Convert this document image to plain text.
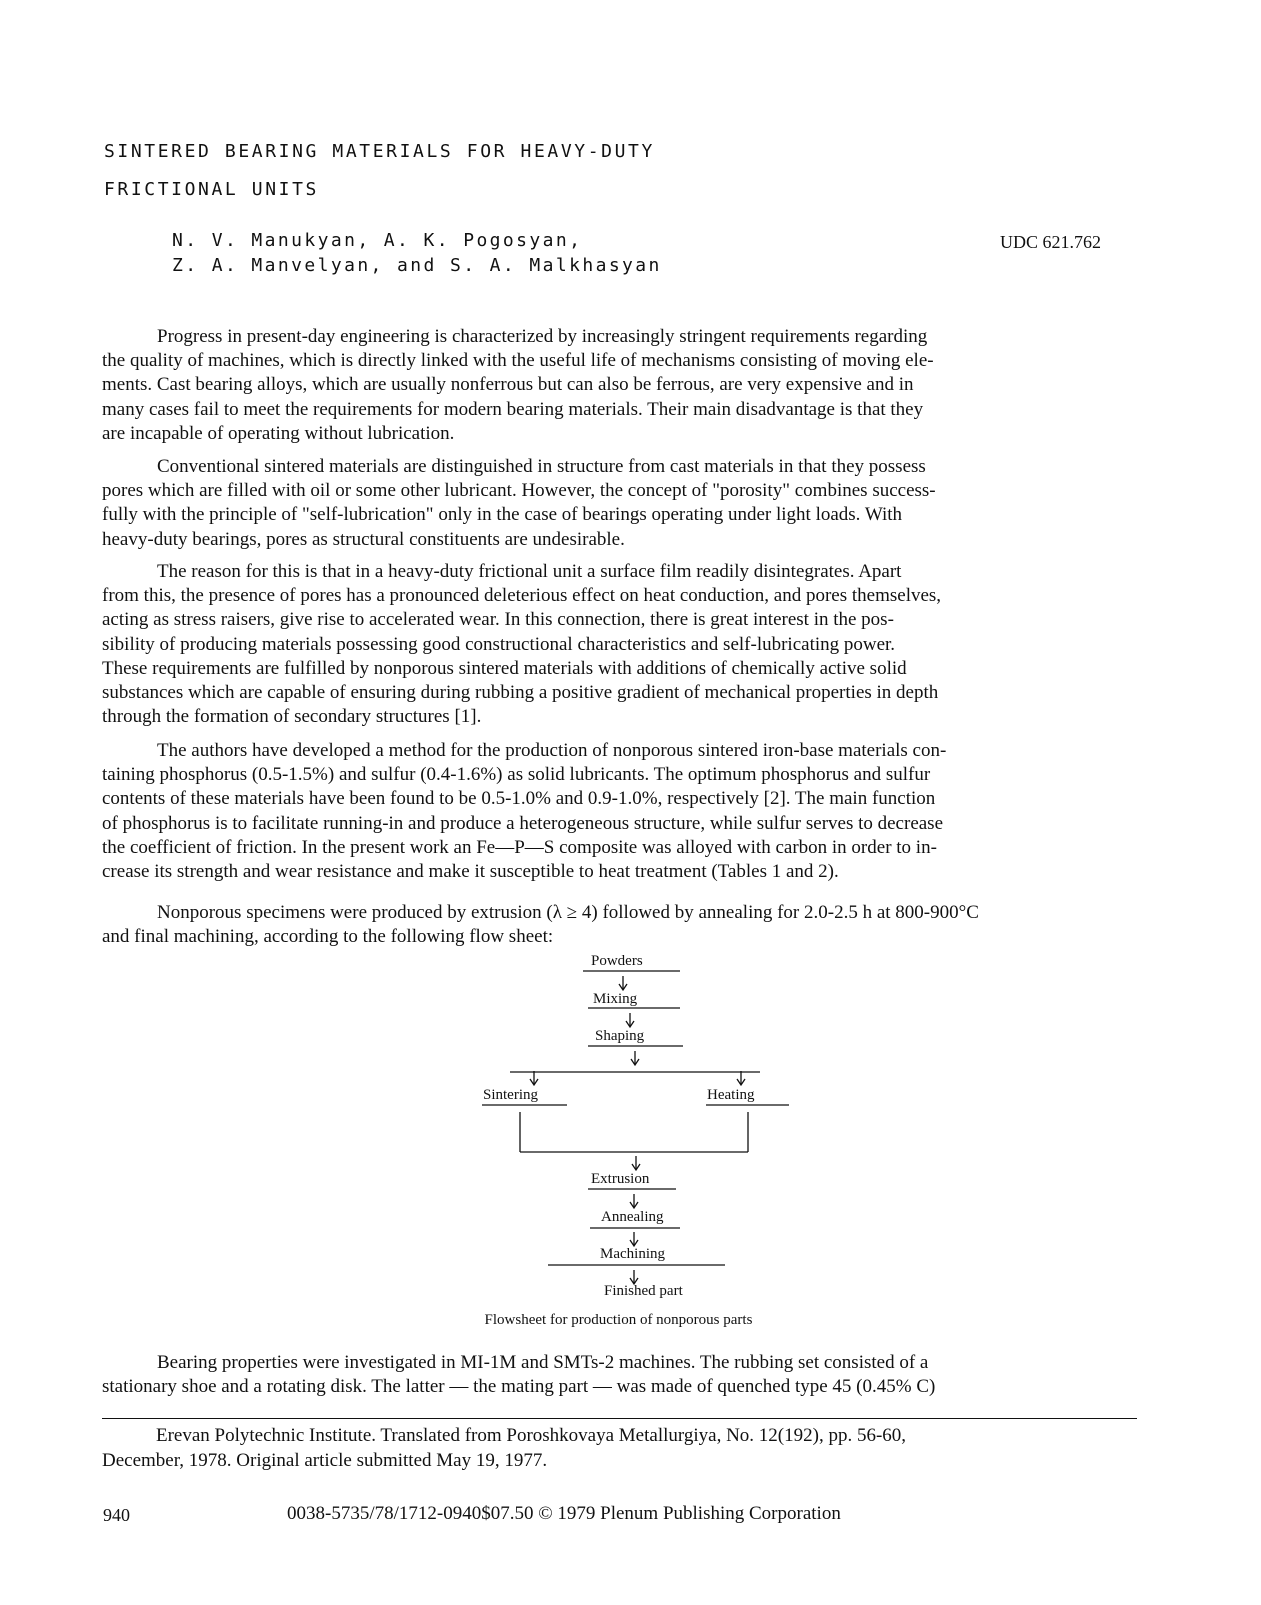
SINTERED BEARING MATERIALS FOR HEAVY-DUTY
FRICTIONAL UNITS
N. V. Manukyan, A. K. Pogosyan,
Z. A. Manvelyan, and S. A. Malkhasyan
UDC 621.762
Progress in present-day engineering is characterized by increasingly stringent requirements regarding
the quality of machines, which is directly linked with the useful life of mechanisms consisting of moving ele-
ments. Cast bearing alloys, which are usually nonferrous but can also be ferrous, are very expensive and in
many cases fail to meet the requirements for modern bearing materials. Their main disadvantage is that they
are incapable of operating without lubrication.
Conventional sintered materials are distinguished in structure from cast materials in that they possess
pores which are filled with oil or some other lubricant. However, the concept of "porosity" combines success-
fully with the principle of "self-lubrication" only in the case of bearings operating under light loads. With
heavy-duty bearings, pores as structural constituents are undesirable.
The reason for this is that in a heavy-duty frictional unit a surface film readily disintegrates. Apart
from this, the presence of pores has a pronounced deleterious effect on heat conduction, and pores themselves,
acting as stress raisers, give rise to accelerated wear. In this connection, there is great interest in the pos-
sibility of producing materials possessing good constructional characteristics and self-lubricating power.
These requirements are fulfilled by nonporous sintered materials with additions of chemically active solid
substances which are capable of ensuring during rubbing a positive gradient of mechanical properties in depth
through the formation of secondary structures [1].
The authors have developed a method for the production of nonporous sintered iron-base materials con-
taining phosphorus (0.5-1.5%) and sulfur (0.4-1.6%) as solid lubricants. The optimum phosphorus and sulfur
contents of these materials have been found to be 0.5-1.0% and 0.9-1.0%, respectively [2]. The main function
of phosphorus is to facilitate running-in and produce a heterogeneous structure, while sulfur serves to decrease
the coefficient of friction. In the present work an Fe—P—S composite was alloyed with carbon in order to in-
crease its strength and wear resistance and make it susceptible to heat treatment (Tables 1 and 2).
Nonporous specimens were produced by extrusion (λ ≥ 4) followed by annealing for 2.0-2.5 h at 800-900°C
and final machining, according to the following flow sheet:
Powders
Mixing
Shaping
Sintering	Heating
Extrusion
Annealing
Machining
Finished part
Flowsheet for production of nonporous parts
Bearing properties were investigated in MI-1M and SMTs-2 machines. The rubbing set consisted of a
stationary shoe and a rotating disk. The latter — the mating part — was made of quenched type 45 (0.45% C)
Erevan Polytechnic Institute. Translated from Poroshkovaya Metallurgiya, No. 12(192), pp. 56-60,
December, 1978. Original article submitted May 19, 1977.
940	0038-5735/78/1712-0940$07.50 © 1979 Plenum Publishing Corporation
